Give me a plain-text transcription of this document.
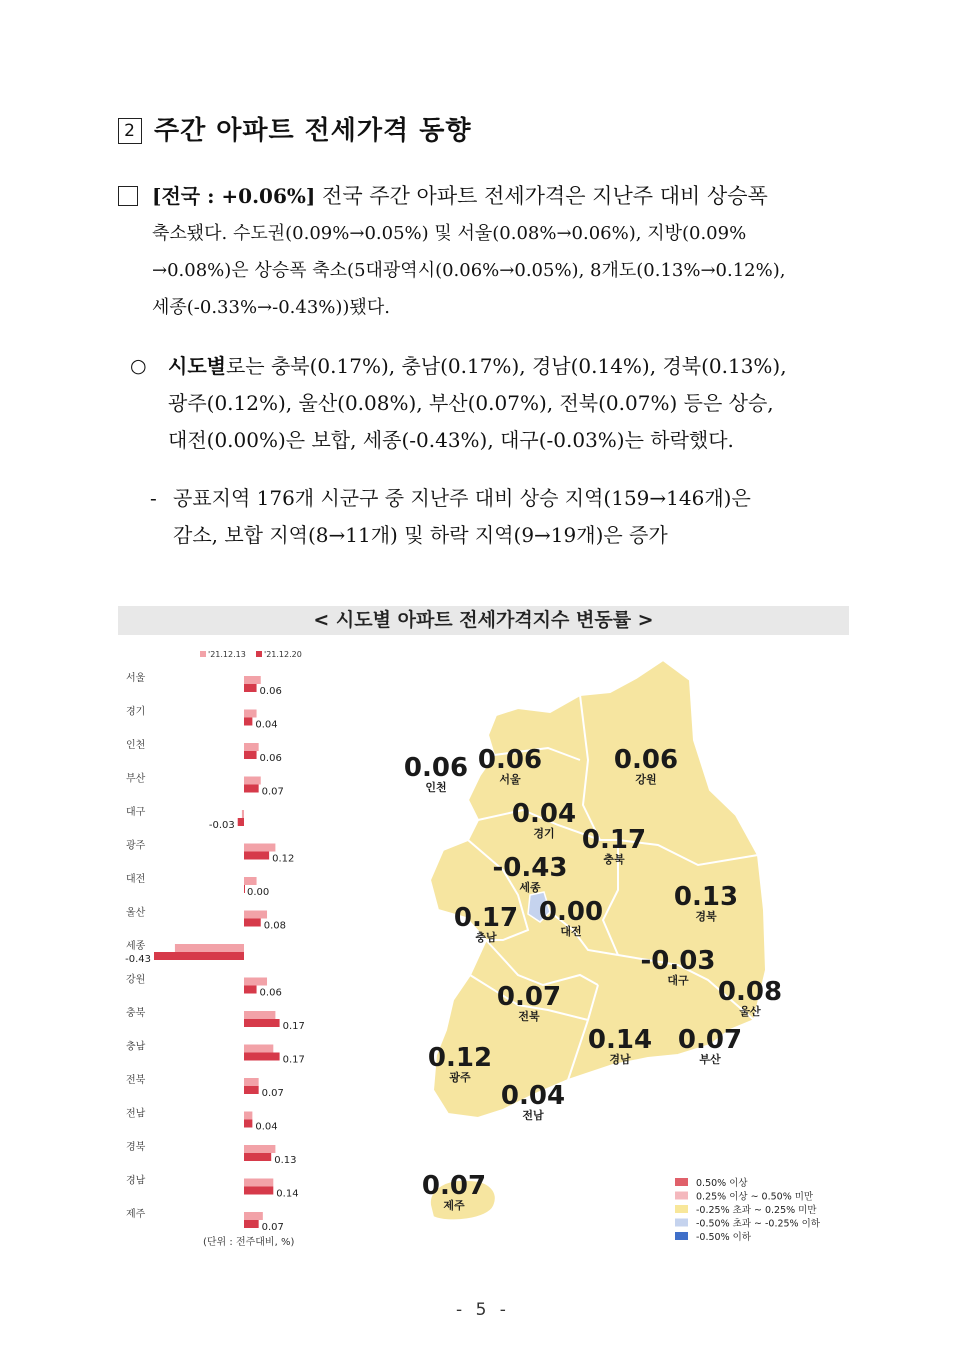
2 주간 아파트 전세가격 동향
[전국 : +0.06%] 전국 주간 아파트 전세가격은 지난주 대비 상승폭
축소됐다. 수도권(0.09%→0.05%) 및 서울(0.08%→0.06%), 지방(0.09%
→0.08%)은 상승폭 축소(5대광역시(0.06%→0.05%), 8개도(0.13%→0.12%),
세종(-0.33%→-0.43%))됐다.
○ 시도별로는 충북(0.17%), 충남(0.17%), 경남(0.14%), 경북(0.13%),
광주(0.12%), 울산(0.08%), 부산(0.07%), 전북(0.07%) 등은 상승,
대전(0.00%)은 보합, 세종(-0.43%), 대구(-0.03%)는 하락했다.
- 공표지역 176개 시군구 중 지난주 대비 상승 지역(159→146개)은
감소, 보합 지역(8→11개) 및 하락 지역(9→19개)은 증가
< 시도별 아파트 전세가격지수 변동률 >
'21.12.13 '21.12.20
서울
0.06
경기
0.04
인천
0.06
부산
0.07
대구
-0.03
광주
0.12
대전
0.00
울산
0.08
세종
-0.43
강원
0.06
충북
0.17
충남
0.17
전북
0.07
전남
0.04
경북
0.13
경남
0.14
제주
0.07
(단위 : 전주대비, %)
0.06
인천
0.06
서울
0.06
강원
0.04
경기 0.17
충북
-0.43
세종	0.13
경북
0.17
충남
0.00
대전
-0.03
대구 0.08
울산
0.07
전북
0.14
경남
0.07
부산
0.12
광주
0.04
전남
0.07
제주
0.50% 이상
0.25% 이상 ~ 0.50% 미만
-0.25% 초과 ~ 0.25% 미만
-0.50% 초과 ~ -0.25% 이하
-0.50% 이하
- 5 -
